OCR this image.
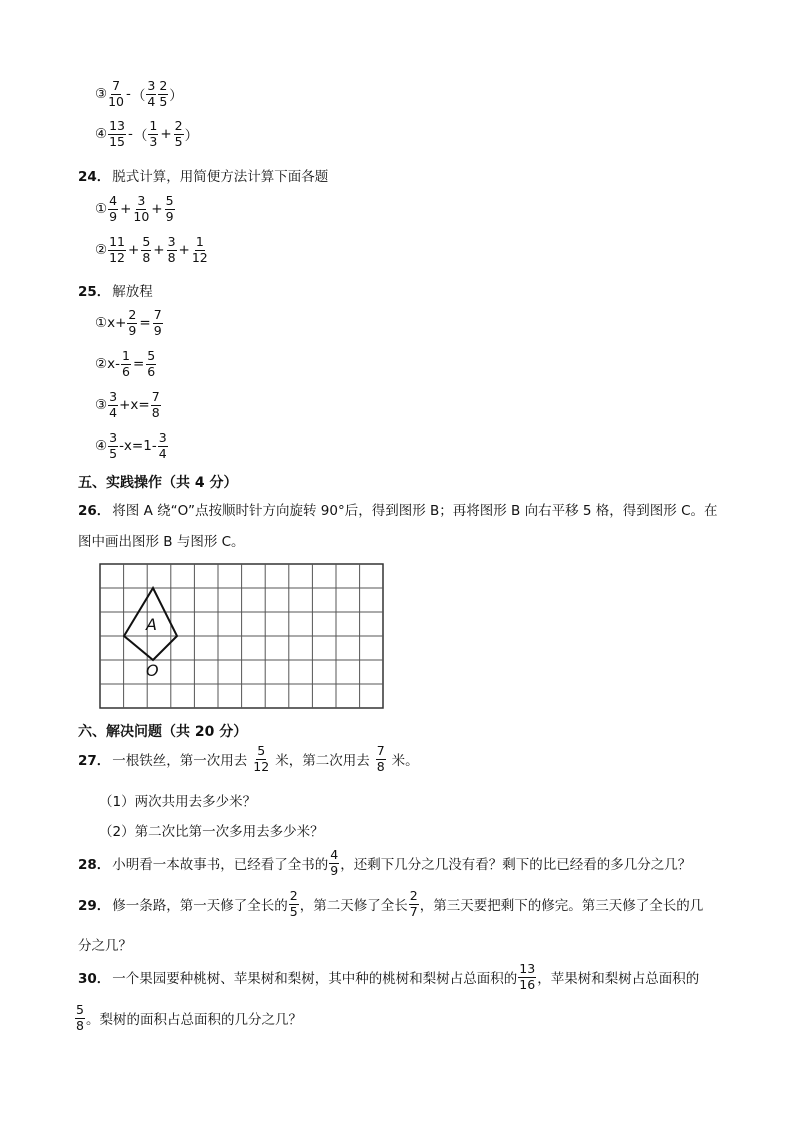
③ $\frac{7}{10}$ - （ $\frac{3}{4} \frac{2}{5}$ ）
④ $\frac{13}{15}$ - （ $\frac{1}{3} + \frac{2}{5}$ ）
24． 脱式计算，用简便方法计算下面各题
① $\frac{4}{9} + \frac{3}{10} + \frac{5}{9}$
② $\frac{11}{12} + \frac{5}{8} + \frac{3}{8} + \frac{1}{12}$
25． 解放程
① $x+ \frac{2}{9} = \frac{7}{9}$
② $x- \frac{1}{6} = \frac{5}{6}$
③ $\frac{3}{4} +x= \frac{7}{8}$
④ $\frac{3}{5} -x=1- \frac{3}{4}$
五、实践操作（共 4 分）
26． 将图 A 绕“O”点按顺时针方向旋转 90°后，得到图形 B；再将图形 B 向右平移 5 格，得到图形 C。在
图中画出图形 B 与图形 C。
A
O
六、解决问题（共 20 分）
27． 一根铁丝，第一次用去 $\frac{5}{12}$ 米，第二次用去 $\frac{7}{8}$ 米。
（1）两次共用去多少米？
（2）第二次比第一次多用去多少米？
28． 小明看一本故事书，已经看了全书的 $\frac{4}{9}$ ，还剩下几分之几没有看？剩下的比已经看的多几分之几？
29． 修一条路，第一天修了全长的 $\frac{2}{5}$ ，第二天修了全长 $\frac{2}{7}$ ，第三天要把剩下的修完。第三天修了全长的几
分之几？
30． 一个果园要种桃树、苹果树和梨树，其中种的桃树和梨树占总面积的 $\frac{13}{16}$ ，苹果树和梨树占总面积的
$\frac{5}{8}$ 。梨树的面积占总面积的几分之几？
